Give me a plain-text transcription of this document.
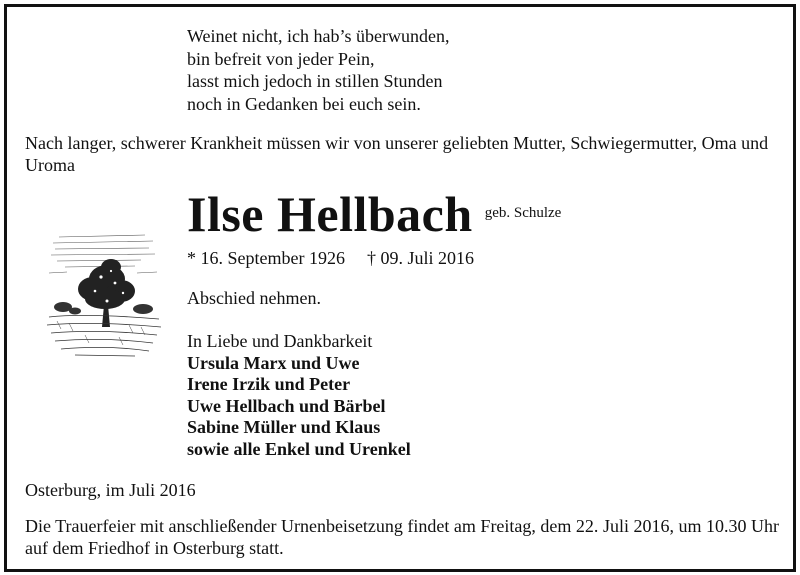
Weinet nicht, ich hab’s überwunden,
bin befreit von jeder Pein,
lasst mich jedoch in stillen Stunden
noch in Gedanken bei euch sein.
Nach langer, schwerer Krankheit müssen wir von unserer geliebten Mutter, Schwiegermutter, Oma und Uroma
Ilse Hellbach geb. Schulze
* 16. September 1926 † 09. Juli 2016
Abschied nehmen.
In Liebe und Dankbarkeit
Ursula Marx und Uwe
Irene Irzik und Peter
Uwe Hellbach und Bärbel
Sabine Müller und Klaus
sowie alle Enkel und Urenkel
Osterburg, im Juli 2016
Die Trauerfeier mit anschließender Urnenbeisetzung findet am Freitag, dem 22. Juli 2016, um 10.30 Uhr auf dem Friedhof in Osterburg statt.
